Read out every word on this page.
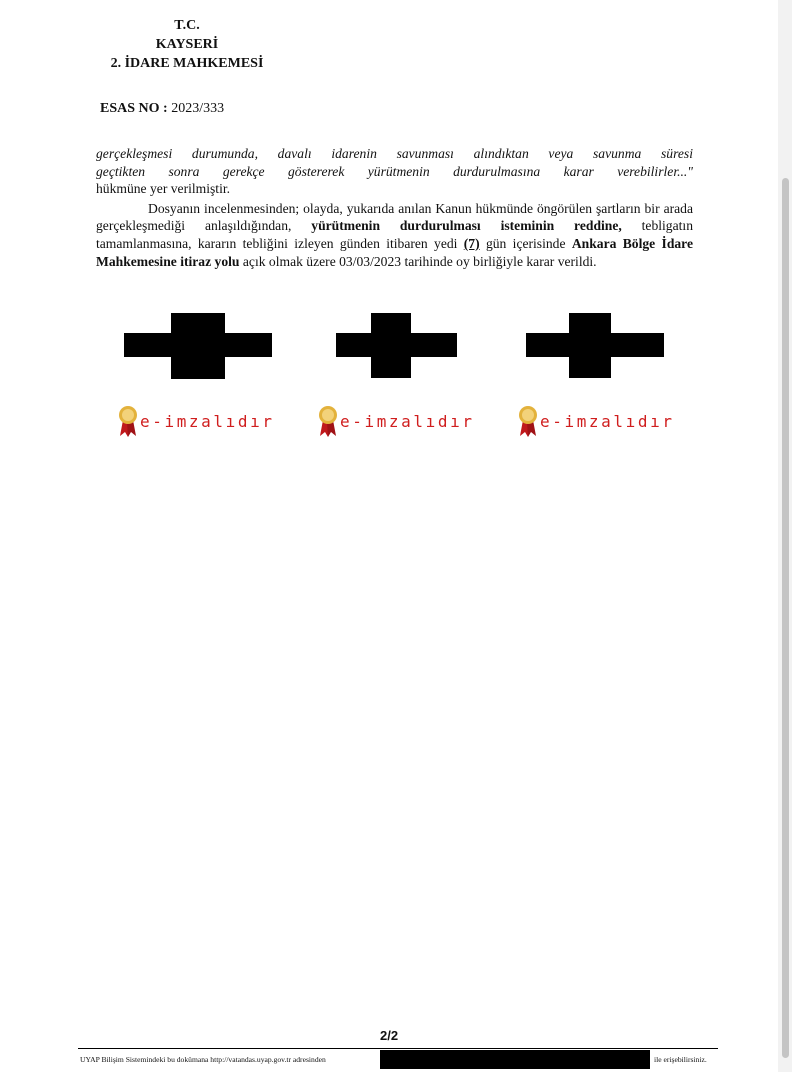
T.C.
KAYSERİ
2. İDARE MAHKEMESİ
ESAS NO : 2023/333
gerçekleşmesi durumunda, davalı idarenin savunması alındıktan veya savunma süresi
geçtikten sonra gerekçe göstererek yürütmenin durdurulmasına karar verebilirler..."
hükmüne yer verilmiştir.

Dosyanın incelenmesinden; olayda, yukarıda anılan Kanun hükmünde öngörülen şartların bir arada gerçekleşmediği anlaşıldığından, yürütmenin durdurulması isteminin reddine, tebligatın tamamlanmasına, kararın tebliğini izleyen günden itibaren yedi (7) gün içerisinde Ankara Bölge İdare Mahkemesine itiraz yolu açık olmak üzere 03/03/2023 tarihinde oy birliğiyle karar verildi.

e-imzalıdır	e-imzalıdır	e-imzalıdır
2/2
UYAP Bilişim Sistemindeki bu dokümana http://vatandas.uyap.gov.tr adresinden	ile erişebilirsiniz.
